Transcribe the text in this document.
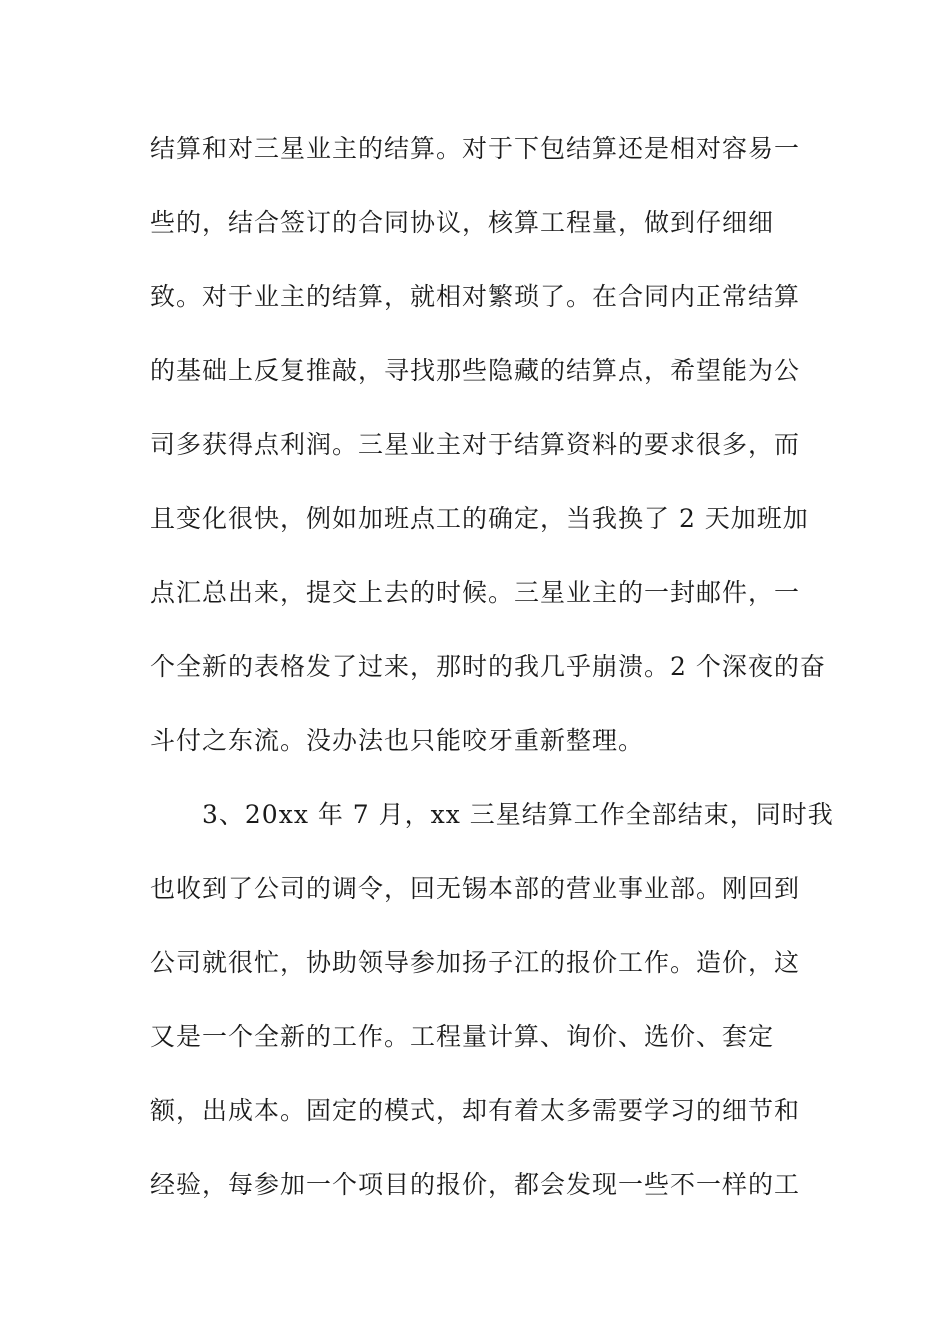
结算和对三星业主的结算。对于下包结算还是相对容易一
些的，结合签订的合同协议，核算工程量，做到仔细细
致。对于业主的结算，就相对繁琐了。在合同内正常结算
的基础上反复推敲，寻找那些隐藏的结算点，希望能为公
司多获得点利润。三星业主对于结算资料的要求很多，而
且变化很快，例如加班点工的确定，当我换了 2 天加班加
点汇总出来，提交上去的时候。三星业主的一封邮件，一
个全新的表格发了过来，那时的我几乎崩溃。2 个深夜的奋
斗付之东流。没办法也只能咬牙重新整理。
3、20xx 年 7 月，xx 三星结算工作全部结束，同时我
也收到了公司的调令，回无锡本部的营业事业部。刚回到
公司就很忙，协助领导参加扬子江的报价工作。造价，这
又是一个全新的工作。工程量计算、询价、选价、套定
额，出成本。固定的模式，却有着太多需要学习的细节和
经验，每参加一个项目的报价，都会发现一些不一样的工
